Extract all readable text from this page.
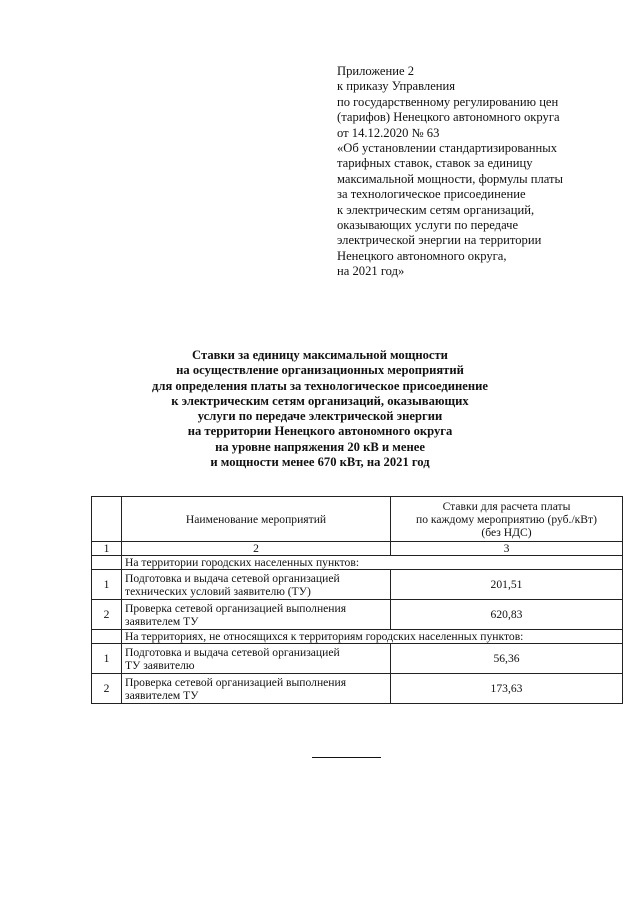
Приложение 2
к приказу Управления
по государственному регулированию цен
(тарифов) Ненецкого автономного округа
от 14.12.2020 № 63
«Об установлении стандартизированных
тарифных ставок, ставок за единицу
максимальной мощности, формулы платы
за технологическое присоединение
к электрическим сетям организаций,
оказывающих услуги по передаче
электрической энергии на территории
Ненецкого автономного округа,
на 2021 год»
Ставки за единицу максимальной мощности
на осуществление организационных мероприятий
для определения платы за технологическое присоединение
к электрическим сетям организаций, оказывающих
услуги по передаче электрической энергии
на территории Ненецкого автономного округа
на уровне напряжения 20 кВ и менее
и мощности менее 670 кВт, на 2021 год
	Наименование мероприятий	Ставки для расчета платы
по каждому мероприятию (руб./кВт)
(без НДС)

1	2	3
	На территории городских населенных пунктов:	
1	Подготовка и выдача сетевой организацией
технических условий заявителю (ТУ)	201,51
2	Проверка сетевой организацией выполнения
заявителем ТУ	620,83
	На территориях, не относящихся к территориям городских населенных пунктов:	
1	Подготовка и выдача сетевой организацией
ТУ заявителю	56,36
2	Проверка сетевой организацией выполнения
заявителем ТУ	173,63
